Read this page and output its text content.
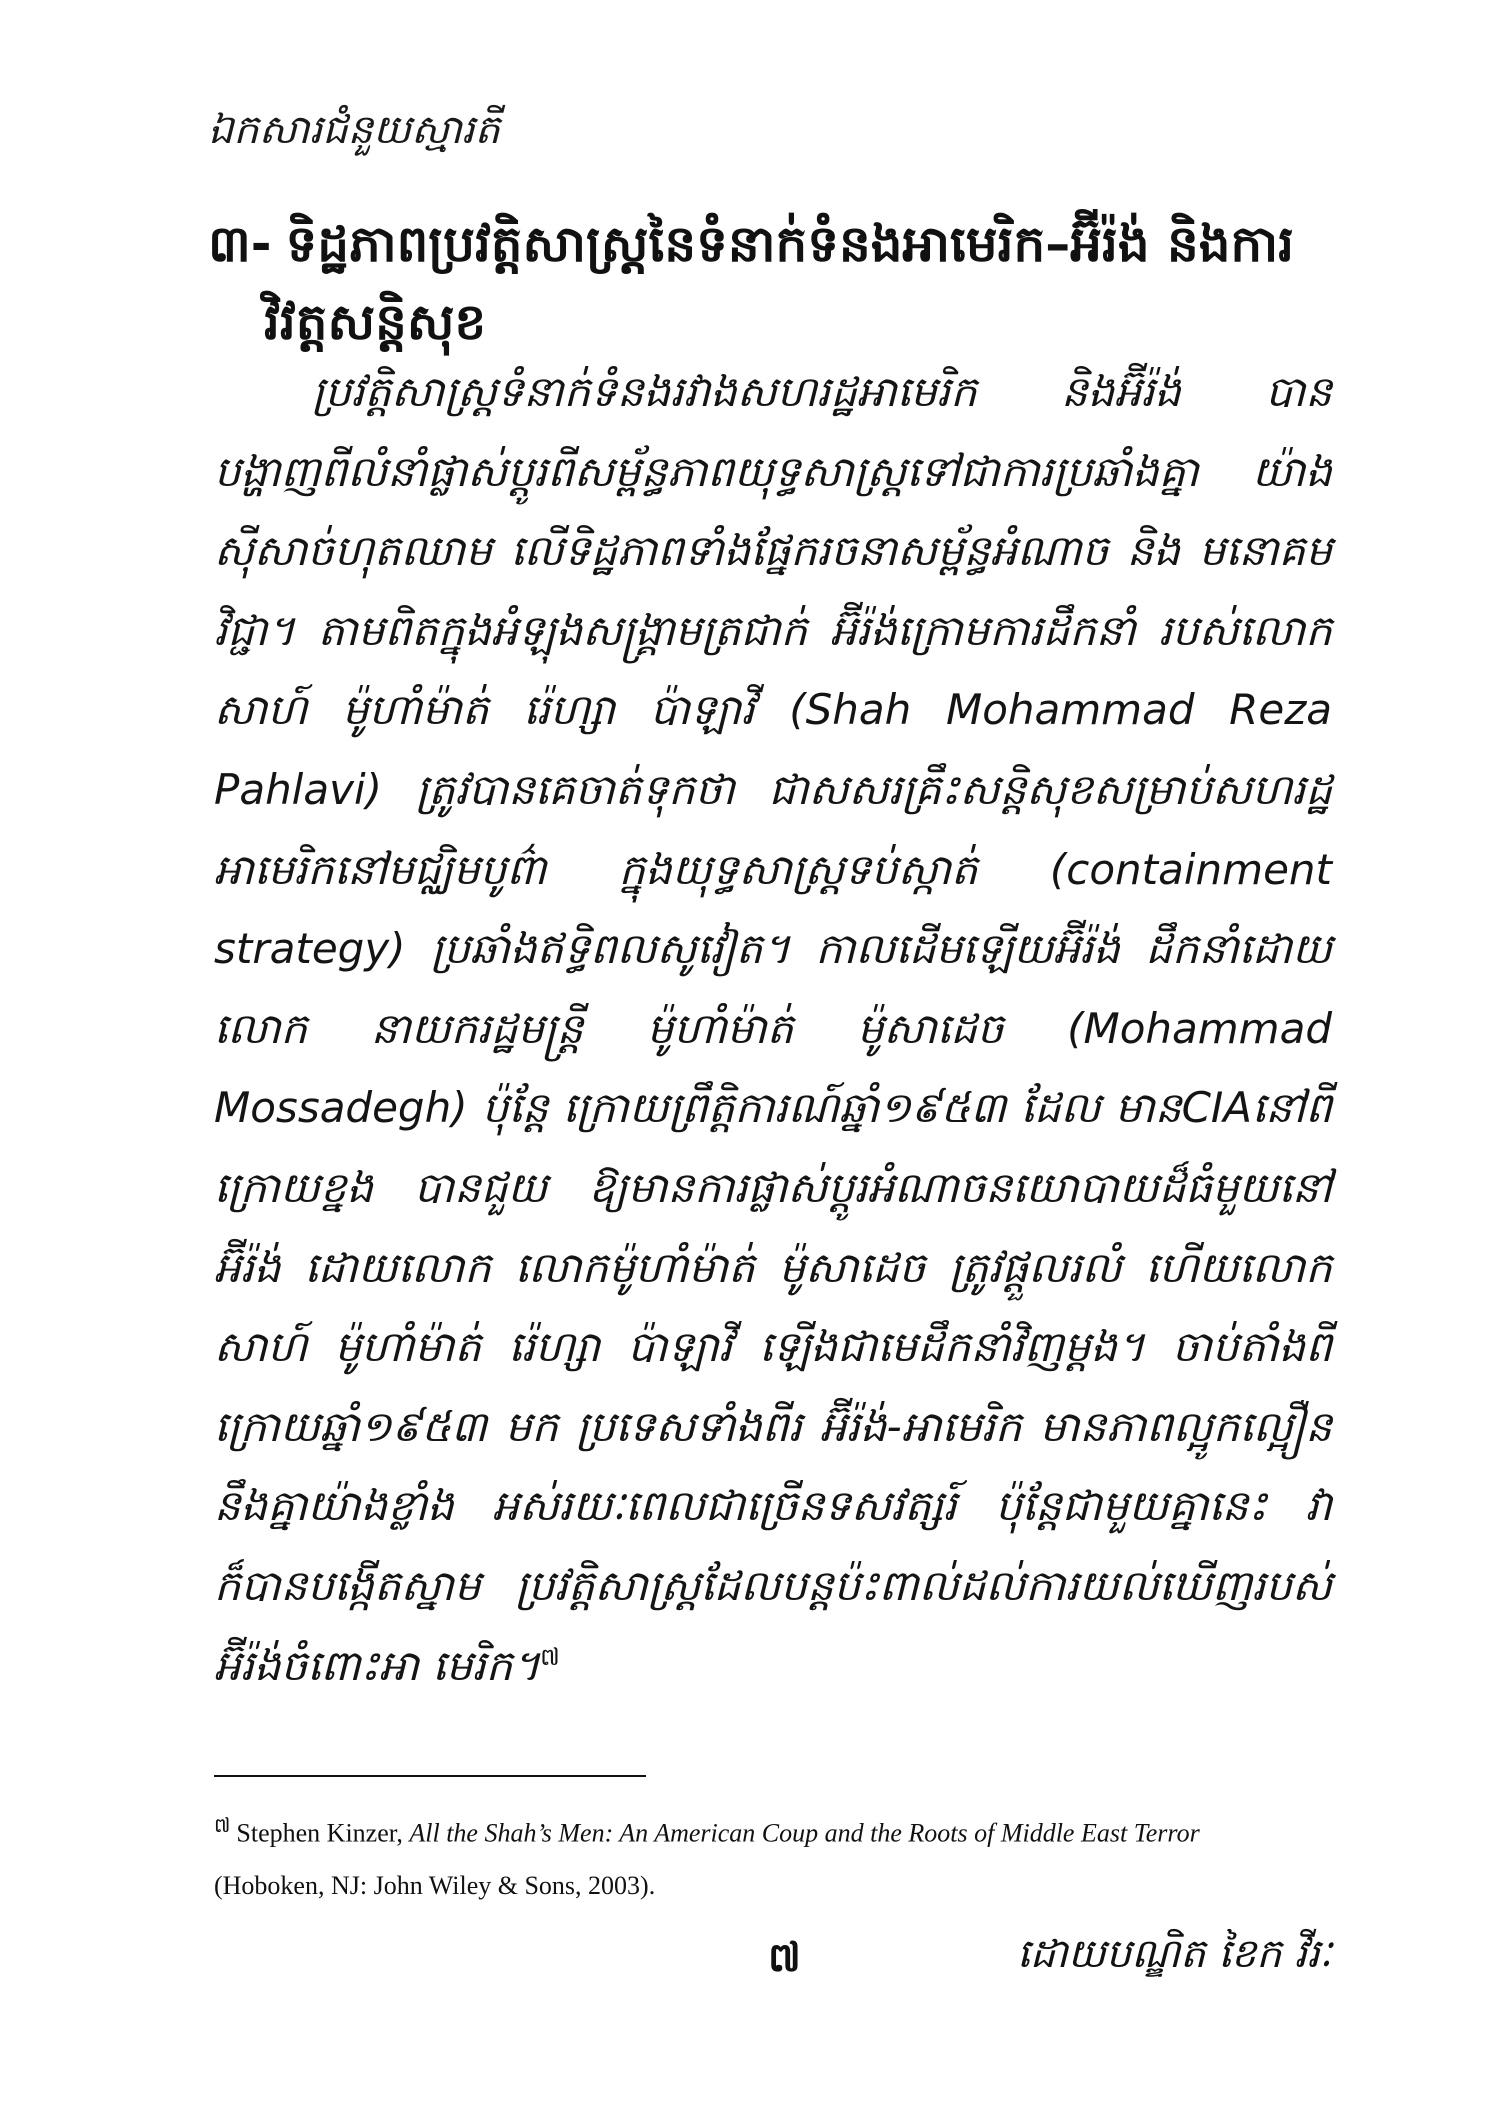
ឯកសារជំនួយស្មារតី
៣- ទិដ្ឋភាពប្រវត្តិសាស្រ្តនៃទំនាក់ទំនងអាមេរិក–អ៊ីរ៉ង់ និងការ
វិវត្តសន្តិសុខ

ប្រវត្តិសាស្រ្តទំនាក់ទំនងរវាងសហរដ្ឋអាមេរិក និងអ៊ីរ៉ង់ បាន បង្ហាញពីលំនាំផ្លាស់ប្តូរពីសម្ព័ន្ធភាពយុទ្ធសាស្រ្តទៅជាការប្រឆាំងគ្នា យ៉ាងស៊ីសាច់ហុតឈាម លើទិដ្ឋភាពទាំងផ្នែករចនាសម្ព័ន្ធអំណាច និង មនោគមវិជ្ជា។ តាមពិតក្នុងអំឡុងសង្គ្រាមត្រជាក់ អ៊ីរ៉ង់ក្រោមការដឹកនាំ របស់លោក សាហ៍ ម៉ូហាំម៉ាត់ រ៉េហ្សា ប៉ាឡាវី (Shah Mohammad Reza Pahlavi) ត្រូវបានគេចាត់ទុកថា ជាសសរគ្រឹះសន្តិសុខសម្រាប់សហរដ្ឋ អាមេរិកនៅមជ្ឈិមបូព៌ា ក្នុងយុទ្ធសាស្រ្តទប់ស្កាត់ (containment strategy) ប្រឆាំងឥទ្ធិពលសូវៀត។ កាលដើមឡើយអ៊ីរ៉ង់ ដឹកនាំដោយលោក នាយករដ្ឋមន្រ្តី ម៉ូហាំម៉ាត់ ម៉ូសាដេច (Mohammad Mossadegh) ប៉ុន្តែ ក្រោយព្រឹត្តិការណ៍ឆ្នាំ១៩៥៣ ដែល មានCIAនៅពីក្រោយខ្នង បានជួយ ឱ្យមានការផ្លាស់ប្តូរអំណាចនយោបាយដ៏ធំមួយនៅអ៊ីរ៉ង់ ដោយលោក លោកម៉ូហាំម៉ាត់ ម៉ូសាដេច ត្រូវផ្តួលរលំ ហើយលោក សាហ៍ ម៉ូហាំម៉ាត់ រ៉េហ្សា ប៉ាឡាវី ឡើងជាមេដឹកនាំវិញម្តង។ ចាប់តាំងពីក្រោយឆ្នាំ១៩៥៣ មក ប្រទេសទាំងពីរ អ៊ីរ៉ង់-អាមេរិក មានភាពល្អូកល្អឿននឹងគ្នាយ៉ាងខ្លាំង អស់រយៈពេលជាច្រើនទសវត្សរ៍ ប៉ុន្តែជាមួយគ្នានេះ វាក៏បានបង្កើតស្នាម ប្រវត្តិសាស្រ្តដែលបន្តប៉ះពាល់ដល់ការយល់ឃើញរបស់អ៊ីរ៉ង់ចំពោះអា មេរិក។$^៧$

$^៧$ Stephen Kinzer, All the Shah’s Men: An American Coup and the Roots of Middle East Terror
(Hoboken, NJ: John Wiley & Sons, 2003).
៧	ដោយបណ្ឌិត ខៃក វីរៈ
